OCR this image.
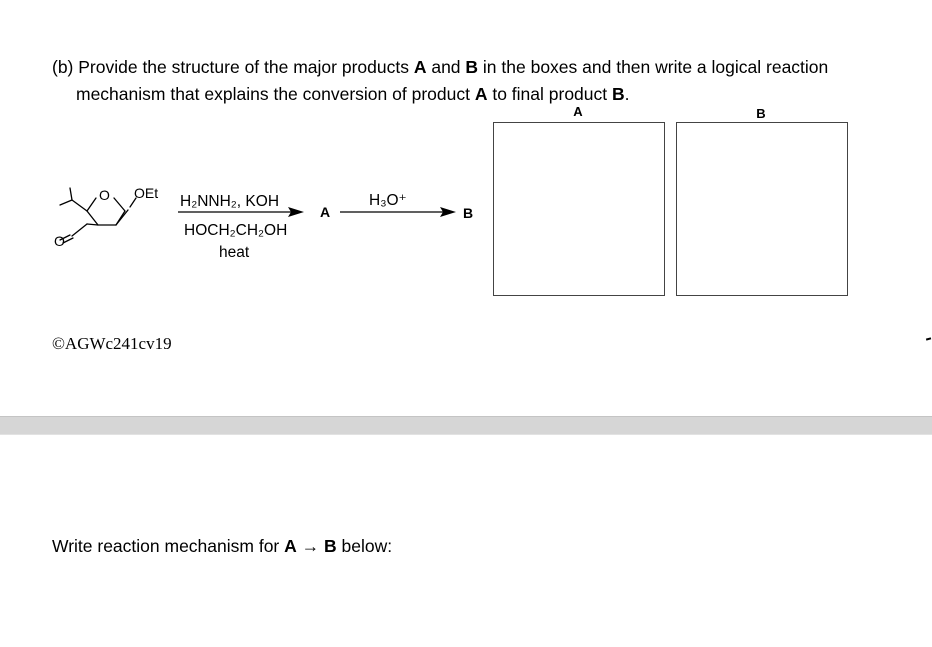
(b) Provide the structure of the major products A and B in the boxes and then write a logical reaction
mechanism that explains the conversion of product A to final product B.
A	B
O
O
OEt H₂NNH₂, KOH
HOCH₂CH₂OH
heat
A
H₃O⁺
B
©AGWc241cv19
Write reaction mechanism for A → B below:
